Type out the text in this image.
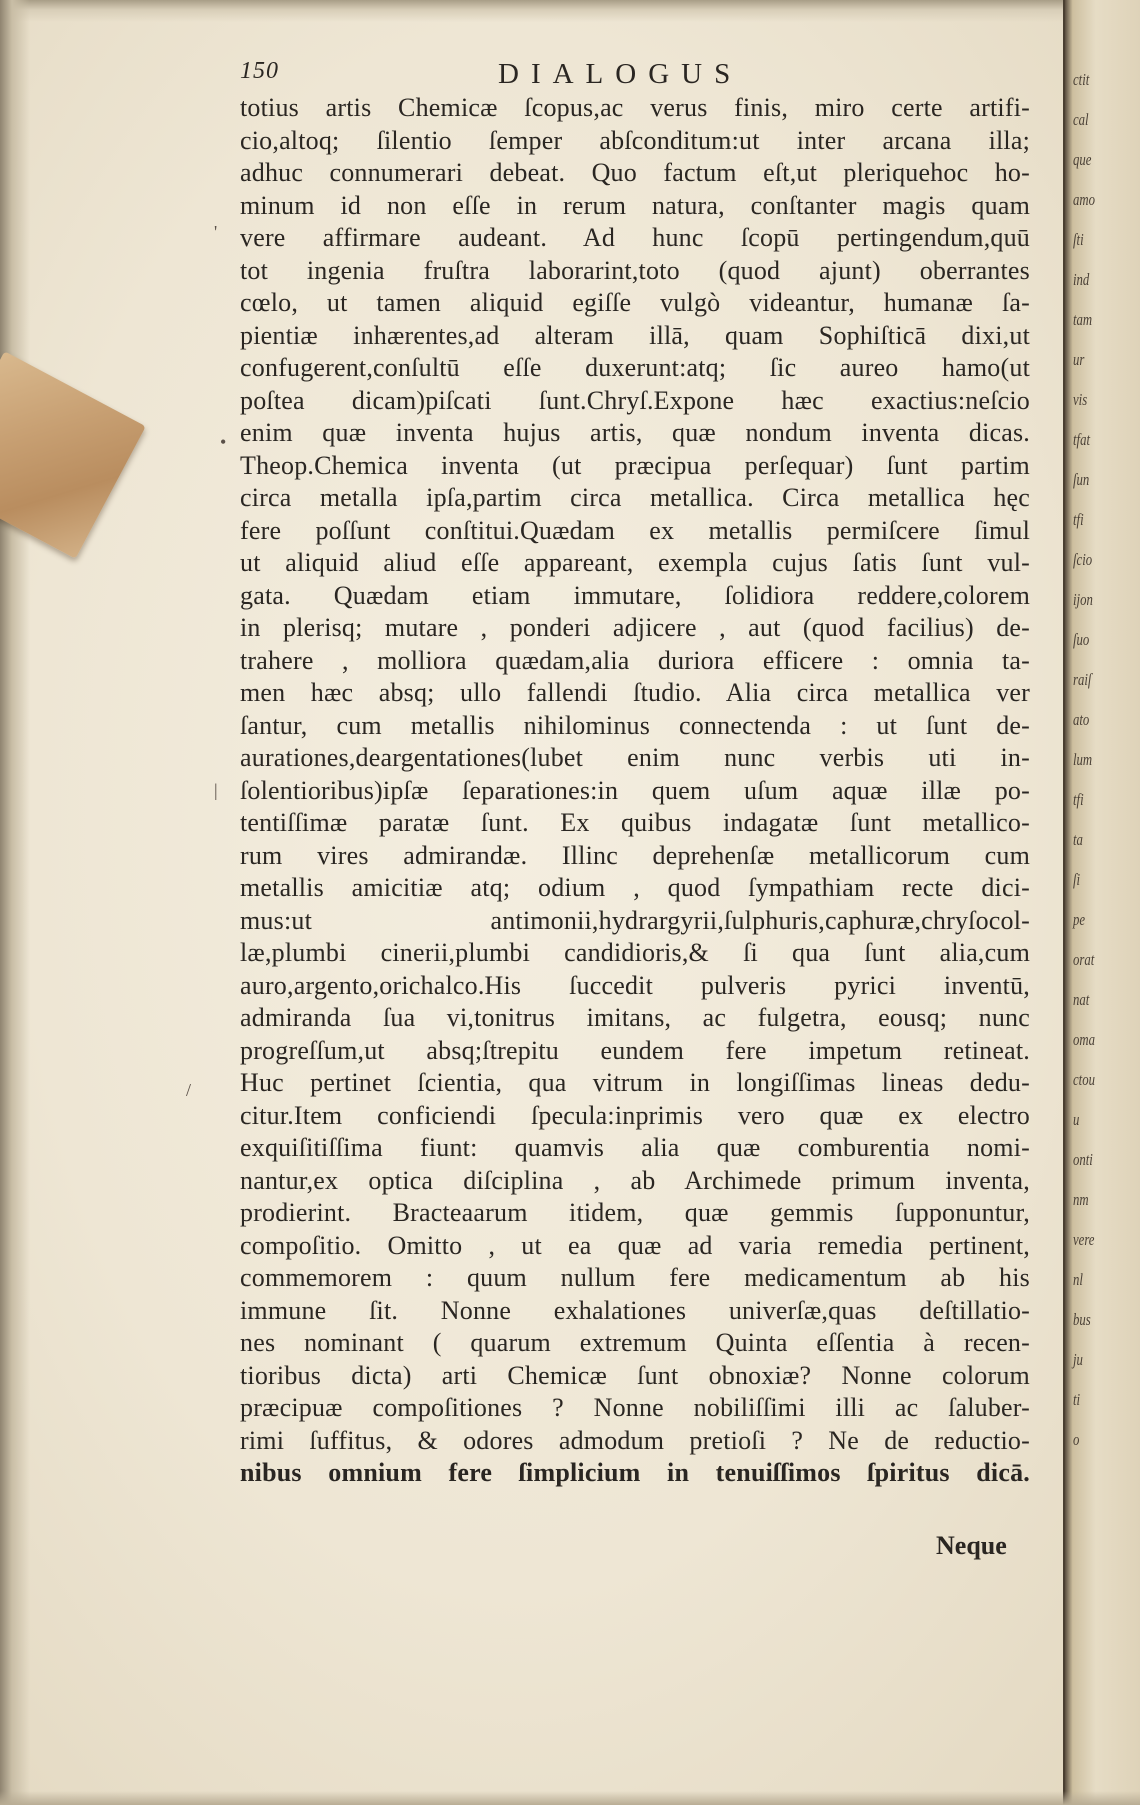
150	DIALOGUS
totius artis Chemicæ ſcopus,ac verus finis, miro certe artifi-
cio,altoq; ſilentio ſemper abſconditum:ut inter arcana illa;
adhuc connumerari debeat. Quo factum eſt,ut pleriquehoc ho-
minum id non eſſe in rerum natura, conſtanter magis quam
vere affirmare audeant. Ad hunc ſcopū pertingendum,quū
tot ingenia fruſtra laborarint,toto (quod ajunt) oberrantes
cœlo, ut tamen aliquid egiſſe vulgò videantur, humanæ ſa-
pientiæ inhærentes,ad alteram illā, quam Sophiſticā dixi,ut
confugerent,conſultū eſſe duxerunt:atq; ſic aureo hamo(ut
poſtea dicam)piſcati ſunt.Chryſ.Expone hæc exactius:neſcio
enim quæ inventa hujus artis, quæ nondum inventa dicas.
Theop.Chemica inventa (ut præcipua perſequar) ſunt partim
circa metalla ipſa,partim circa metallica. Circa metallica hęc
fere poſſunt conſtitui.Quædam ex metallis permiſcere ſimul
ut aliquid aliud eſſe appareant, exempla cujus ſatis ſunt vul-
gata. Quædam etiam immutare, ſolidiora reddere,colorem
in plerisq; mutare , ponderi adjicere , aut (quod facilius) de-
trahere , molliora quædam,alia duriora efficere : omnia ta-
men hæc absq; ullo fallendi ſtudio. Alia circa metallica ver
ſantur, cum metallis nihilominus connectenda : ut ſunt de-
aurationes,deargentationes(lubet enim nunc verbis uti in-
ſolentioribus)ipſæ ſeparationes:in quem uſum aquæ illæ po-
tentiſſimæ paratæ ſunt. Ex quibus indagatæ ſunt metallico-
rum vires admirandæ. Illinc deprehenſæ metallicorum cum
metallis amicitiæ atq; odium , quod ſympathiam recte dici-
mus:ut antimonii,hydrargyrii,ſulphuris,caphuræ,chryſocol-
læ,plumbi cinerii,plumbi candidioris,& ſi qua ſunt alia,cum
auro,argento,orichalco.His ſuccedit pulveris pyrici inventū,
admiranda ſua vi,tonitrus imitans, ac fulgetra, eousq; nunc
progreſſum,ut absq;ſtrepitu eundem fere impetum retineat.
Huc pertinet ſcientia, qua vitrum in longiſſimas lineas dedu-
citur.Item conficiendi ſpecula:inprimis vero quæ ex electro
exquiſitiſſima fiunt: quamvis alia quæ comburentia nomi-
nantur,ex optica diſciplina , ab Archimede primum inventa,
prodierint. Bracteaarum itidem, quæ gemmis ſupponuntur,
compoſitio. Omitto , ut ea quæ ad varia remedia pertinent,
commemorem : quum nullum fere medicamentum ab his
immune ſit. Nonne exhalationes univerſæ,quas deſtillatio-
nes nominant ( quarum extremum Quinta eſſentia à recen-
tioribus dicta) arti Chemicæ ſunt obnoxiæ? Nonne colorum
præcipuæ compoſitiones ? Nonne nobiliſſimi illi ac ſaluber-
rimi ſuffitus, & odores admodum pretioſi ? Ne de reductio-
nibus omnium fere ſimplicium in tenuiſſimos ſpiritus dicā.
Neque
'
•
|
/
ctit
cal
que
amo
ſti
ind
tam
ur
vis
tfat
ſun
tfi
ſcio
ijon
ſuo
raiſ
ato
lum
tfi
ta
ſi
pe
orat
nat
oma
ctou
u
onti
nm
vere
nl
bus
ju
ti
o
